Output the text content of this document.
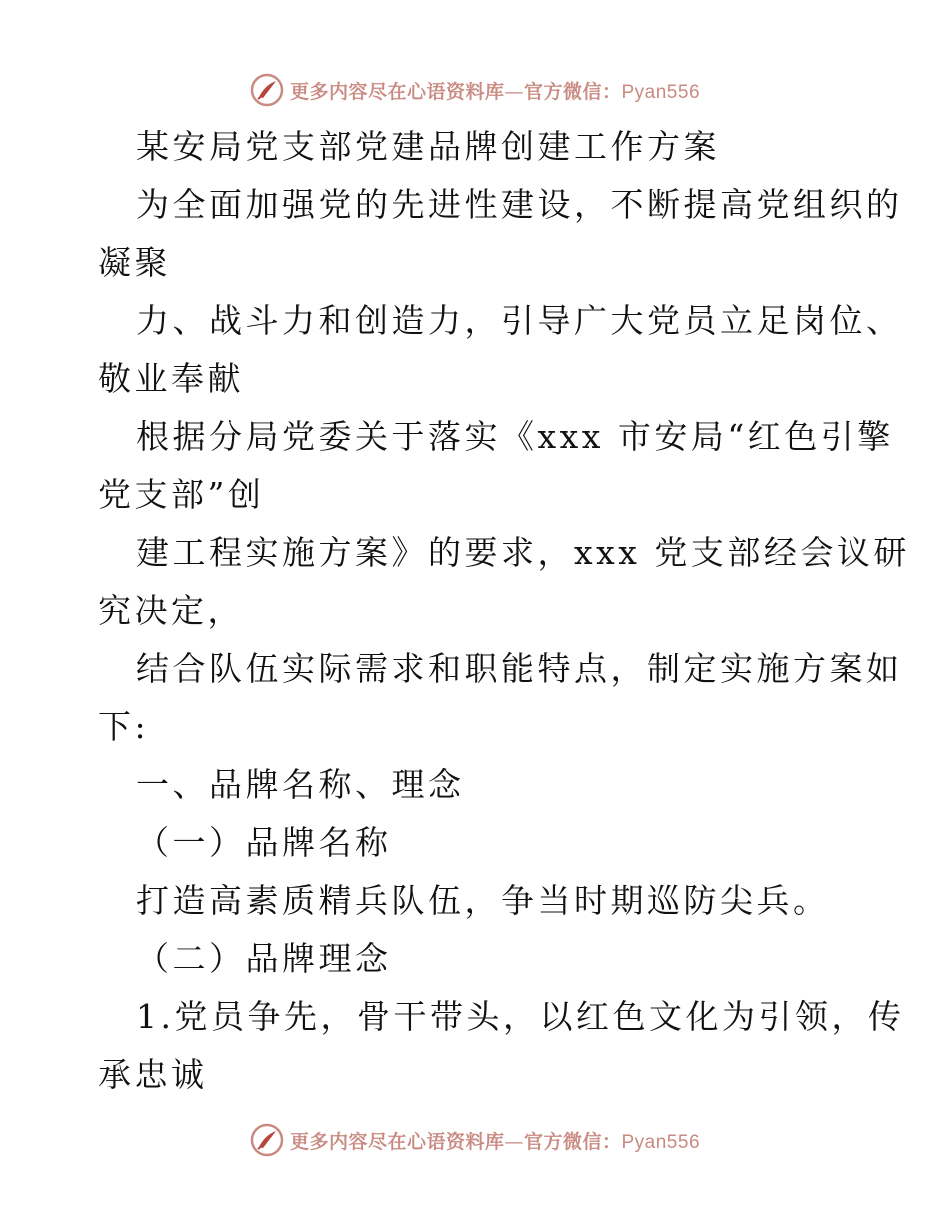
更多内容尽在心语资料库—官方微信：Pyan556
某安局党支部党建品牌创建工作方案
为全面加强党的先进性建设，不断提高党组织的
凝聚
力、战斗力和创造力，引导广大党员立足岗位、
敬业奉献
根据分局党委关于落实《xxx 市安局“红色引擎
党支部”创
建工程实施方案》的要求，xxx 党支部经会议研
究决定，
结合队伍实际需求和职能特点，制定实施方案如
下:
一、品牌名称、理念
（一）品牌名称
打造高素质精兵队伍，争当时期巡防尖兵。
（二）品牌理念
1.党员争先，骨干带头，以红色文化为引领，传
承忠诚
更多内容尽在心语资料库—官方微信：Pyan556
